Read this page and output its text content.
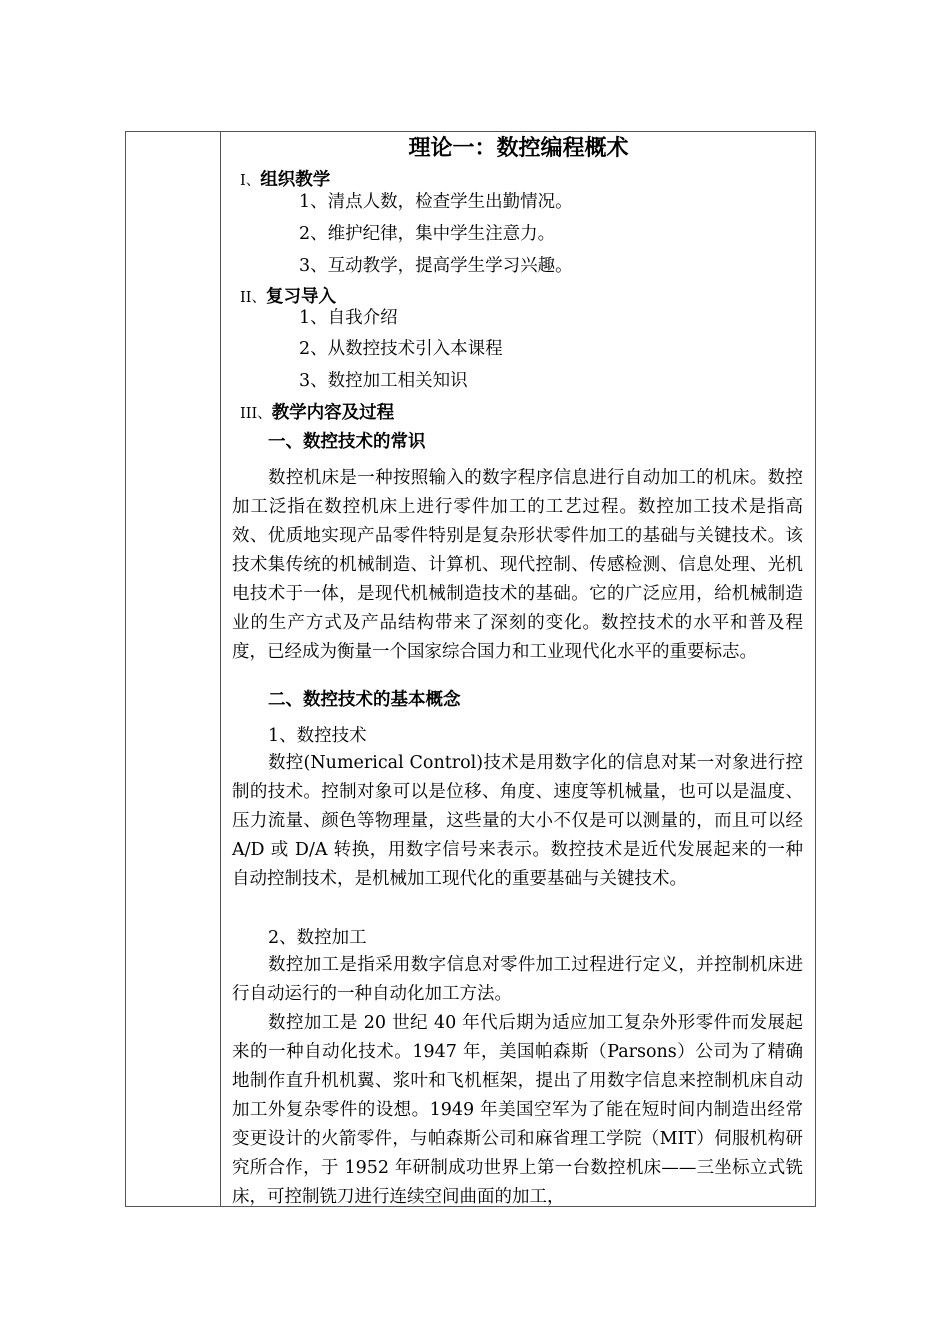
理论一：数控编程概术
I、组织教学
1、清点人数，检查学生出勤情况。
2、维护纪律，集中学生注意力。
3、互动教学，提高学生学习兴趣。
II、复习导入
1、自我介绍
2、从数控技术引入本课程
3、数控加工相关知识
III、教学内容及过程
一、数控技术的常识
数控机床是一种按照输入的数字程序信息进行自动加工的机床。数控加工泛指在数控机床上进行零件加工的工艺过程。数控加工技术是指高效、优质地实现产品零件特别是复杂形状零件加工的基础与关键技术。该技术集传统的机械制造、计算机、现代控制、传感检测、信息处理、光机电技术于一体，是现代机械制造技术的基础。它的广泛应用，给机械制造业的生产方式及产品结构带来了深刻的变化。数控技术的水平和普及程度，已经成为衡量一个国家综合国力和工业现代化水平的重要标志。
二、数控技术的基本概念
1、数控技术
数控(Numerical Control)技术是用数字化的信息对某一对象进行控制的技术。控制对象可以是位移、角度、速度等机械量，也可以是温度、压力流量、颜色等物理量，这些量的大小不仅是可以测量的，而且可以经 A/D 或 D/A 转换，用数字信号来表示。数控技术是近代发展起来的一种自动控制技术，是机械加工现代化的重要基础与关键技术。
2、数控加工
数控加工是指采用数字信息对零件加工过程进行定义，并控制机床进行自动运行的一种自动化加工方法。
数控加工是 20 世纪 40 年代后期为适应加工复杂外形零件而发展起来的一种自动化技术。1947 年，美国帕森斯（Parsons）公司为了精确地制作直升机机翼、浆叶和飞机框架，提出了用数字信息来控制机床自动加工外复杂零件的设想。1949 年美国空军为了能在短时间内制造出经常变更设计的火箭零件，与帕森斯公司和麻省理工学院（MIT）伺服机构研究所合作，于 1952 年研制成功世界上第一台数控机床——三坐标立式铣床，可控制铣刀进行连续空间曲面的加工，
